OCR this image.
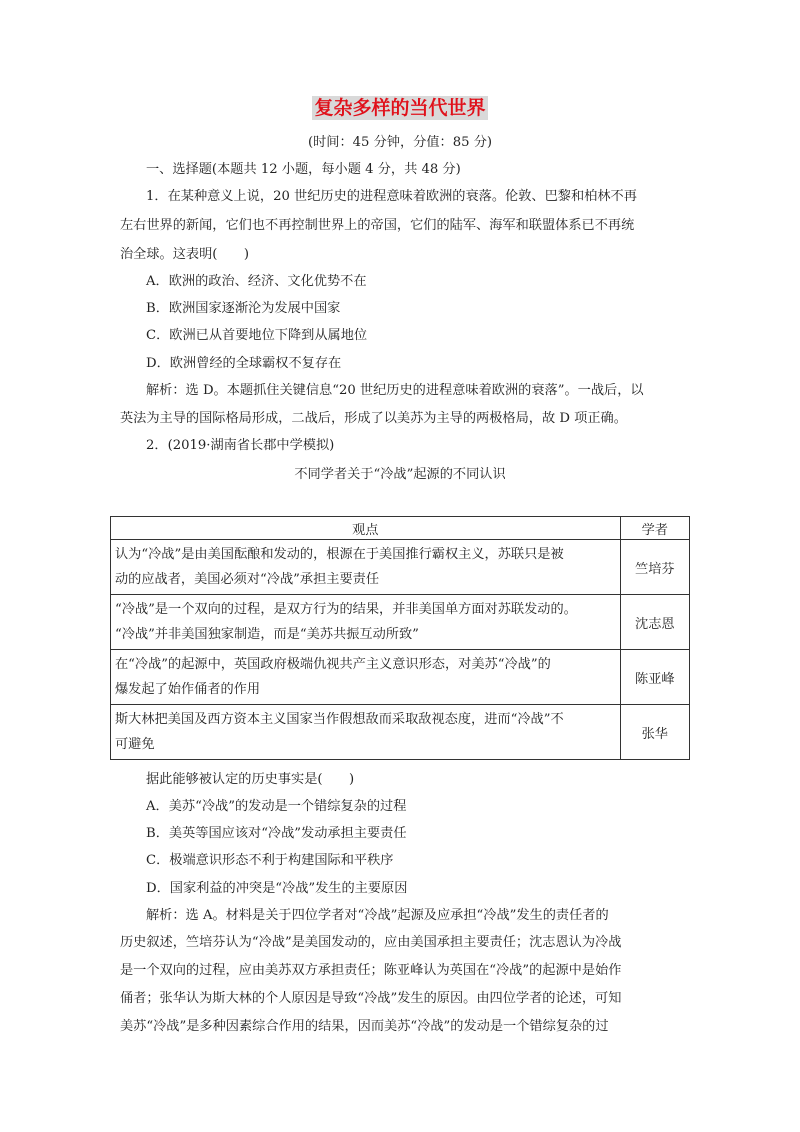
复杂多样的当代世界
(时间：45 分钟，分值：85 分)
一、选择题(本题共 12 小题，每小题 4 分，共 48 分)
1．在某种意义上说，20 世纪历史的进程意味着欧洲的衰落。伦敦、巴黎和柏林不再
左右世界的新闻，它们也不再控制世界上的帝国，它们的陆军、海军和联盟体系已不再统
治全球。这表明(　　)
A．欧洲的政治、经济、文化优势不在
B．欧洲国家逐渐沦为发展中国家
C．欧洲已从首要地位下降到从属地位
D．欧洲曾经的全球霸权不复存在
解析：选 D。本题抓住关键信息“20 世纪历史的进程意味着欧洲的衰落”。一战后，以
英法为主导的国际格局形成，二战后，形成了以美苏为主导的两极格局，故 D 项正确。
2．(2019·湖南省长郡中学模拟)
不同学者关于“冷战”起源的不同认识
观点	学者

认为“冷战”是由美国酝酿和发动的，根源在于美国推行霸权主义，苏联只是被
动的应战者，美国必须对“冷战”承担主要责任	竺培芬

“冷战”是一个双向的过程，是双方行为的结果，并非美国单方面对苏联发动的。
“冷战”并非美国独家制造，而是“美苏共振互动所致”	沈志恩

在“冷战”的起源中，英国政府极端仇视共产主义意识形态，对美苏“冷战”的
爆发起了始作俑者的作用	陈亚峰

斯大林把美国及西方资本主义国家当作假想敌而采取敌视态度，进而“冷战”不
可避免	张华
据此能够被认定的历史事实是(　　)
A．美苏“冷战”的发动是一个错综复杂的过程
B．美英等国应该对“冷战”发动承担主要责任
C．极端意识形态不利于构建国际和平秩序
D．国家利益的冲突是“冷战”发生的主要原因
解析：选 A。材料是关于四位学者对“冷战”起源及应承担“冷战”发生的责任者的
历史叙述，竺培芬认为“冷战”是美国发动的，应由美国承担主要责任；沈志恩认为冷战
是一个双向的过程，应由美苏双方承担责任；陈亚峰认为英国在“冷战”的起源中是始作
俑者；张华认为斯大林的个人原因是导致“冷战”发生的原因。由四位学者的论述，可知
美苏“冷战”是多种因素综合作用的结果，因而美苏“冷战”的发动是一个错综复杂的过
